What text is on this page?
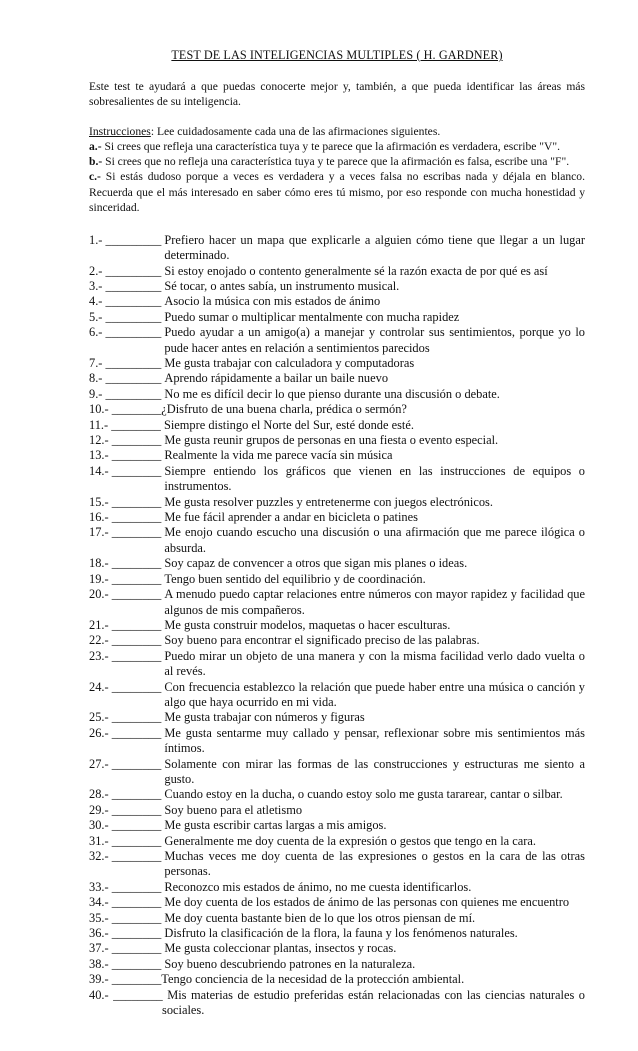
TEST DE LAS INTELIGENCIAS MULTIPLES ( H. GARDNER)

Este test te ayudará a que puedas conocerte mejor y, también, a que pueda identificar las áreas más sobresalientes de su inteligencia.

Instrucciones: Lee cuidadosamente cada una de las afirmaciones siguientes.

a.- Si crees que refleja una característica tuya y te parece que la afirmación es verdadera, escribe "V".

b.- Si crees que no refleja una característica tuya y te parece que la afirmación es falsa, escribe una "F".

c.- Si estás dudoso porque a veces es verdadera y a veces falsa no escribas nada y déjala en blanco. Recuerda que el más interesado en saber cómo eres tú mismo, por eso responde con mucha honestidad y sinceridad.

1.- _________ Prefiero hacer un mapa que explicarle a alguien cómo tiene que llegar a un lugar determinado.
2.- _________ Si estoy enojado o contento generalmente sé la razón exacta de por qué es así
3.- _________ Sé tocar, o antes sabía, un instrumento musical.
4.- _________ Asocio la música con mis estados de ánimo
5.- _________ Puedo sumar o multiplicar mentalmente con mucha rapidez
6.- _________ Puedo ayudar a un amigo(a) a manejar y controlar sus sentimientos, porque yo lo pude hacer antes en relación a sentimientos parecidos
7.- _________ Me gusta trabajar con calculadora y computadoras
8.- _________ Aprendo rápidamente a bailar un baile nuevo
9.- _________ No me es difícil decir lo que pienso durante una discusión o debate.
10.- ________ ¿Disfruto de una buena charla, prédica o sermón?
11.- ________ Siempre distingo el Norte del Sur, esté donde esté.
12.- ________ Me gusta reunir grupos de personas en una fiesta o evento especial.
13.- ________ Realmente la vida me parece vacía sin música
14.- ________ Siempre entiendo los gráficos que vienen en las instrucciones de equipos o instrumentos.
15.- ________ Me gusta resolver puzzles y entretenerme con juegos electrónicos.
16.- ________ Me fue fácil aprender a andar en bicicleta o patines
17.- ________ Me enojo cuando escucho una discusión o una afirmación que me parece ilógica o absurda.
18.- ________ Soy capaz de convencer a otros que sigan mis planes o ideas.
19.- ________ Tengo buen sentido del equilibrio y de coordinación.
20.- ________ A menudo puedo captar relaciones entre números con mayor rapidez y facilidad que algunos de mis compañeros.
21.- ________ Me gusta construir modelos, maquetas o hacer esculturas.
22.- ________ Soy bueno para encontrar el significado preciso de las palabras.
23.- ________ Puedo mirar un objeto de una manera y con la misma facilidad verlo dado vuelta o al revés.
24.- ________ Con frecuencia establezco la relación que puede haber entre una música o canción y algo que haya ocurrido en mi vida.
25.- ________ Me gusta trabajar con números y figuras
26.- ________ Me gusta sentarme muy callado y pensar, reflexionar sobre mis sentimientos más íntimos.
27.- ________ Solamente con mirar las formas de las construcciones y estructuras me siento a gusto.
28.- ________ Cuando estoy en la ducha, o cuando estoy solo me gusta tararear, cantar o silbar.
29.- ________ Soy bueno para el atletismo
30.- ________ Me gusta escribir cartas largas a mis amigos.
31.- ________ Generalmente me doy cuenta de la expresión o gestos que tengo en la cara.
32.- ________ Muchas veces me doy cuenta de las expresiones o gestos en la cara de las otras personas.
33.- ________ Reconozco mis estados de ánimo, no me cuesta identificarlos.
34.- ________ Me doy cuenta de los estados de ánimo de las personas con quienes me encuentro
35.- ________ Me doy cuenta bastante bien de lo que los otros piensan de mí.
36.- ________ Disfruto la clasificación de la flora, la fauna y los fenómenos naturales.
37.- ________ Me gusta coleccionar plantas, insectos y rocas.
38.- ________ Soy bueno descubriendo patrones en la naturaleza.
39.- ________ Tengo conciencia de la necesidad de la protección ambiental.
40.- ________ Mis materias de estudio preferidas están relacionadas con las ciencias naturales o sociales.
